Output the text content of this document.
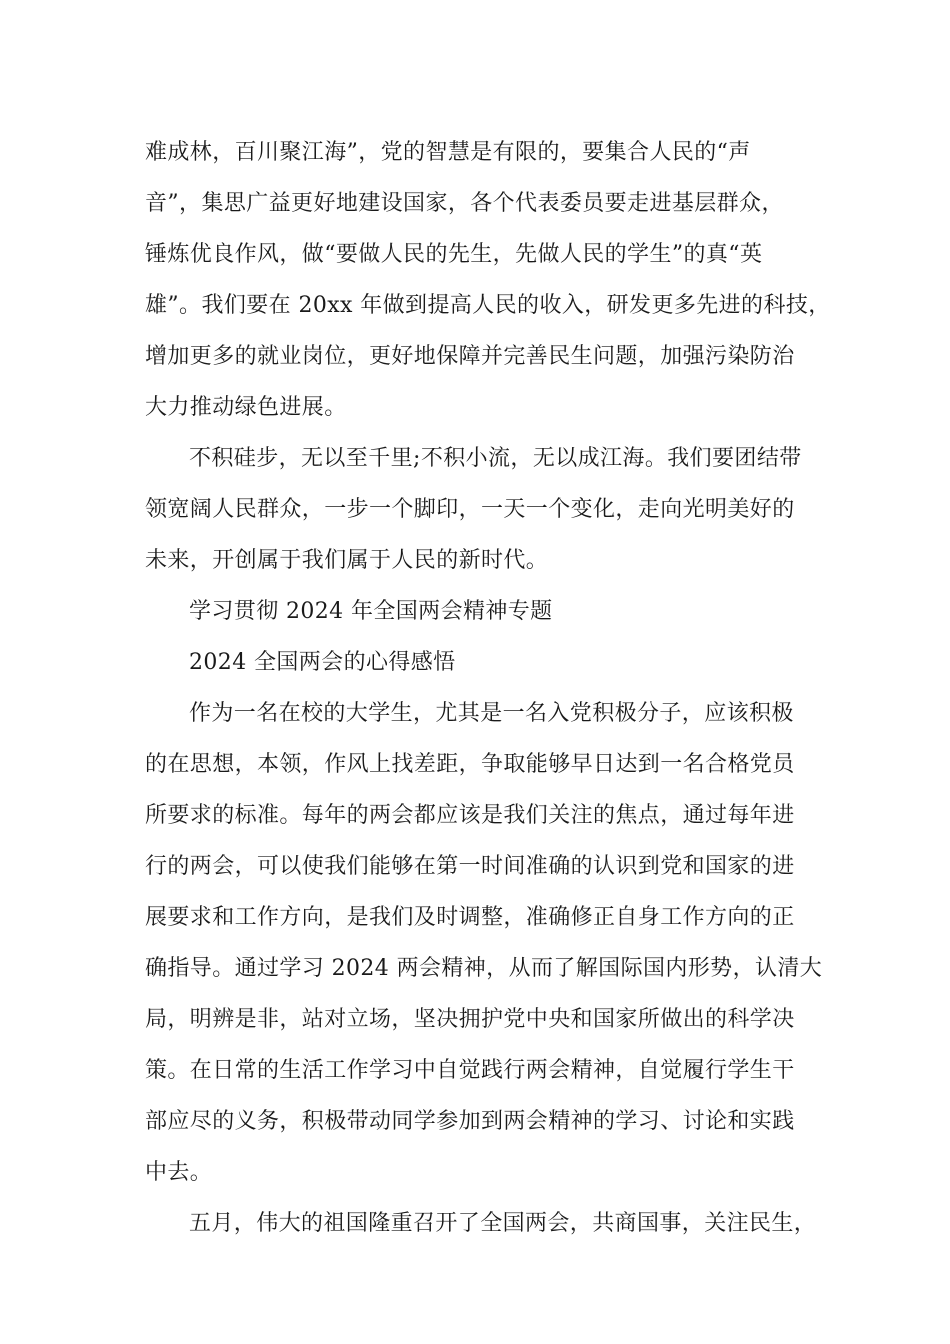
难成林，百川聚江海”，党的智慧是有限的，要集合人民的“声
音”，集思广益更好地建设国家，各个代表委员要走进基层群众，
锤炼优良作风，做“要做人民的先生，先做人民的学生”的真“英
雄”。我们要在 20xx 年做到提高人民的收入，研发更多先进的科技，
增加更多的就业岗位，更好地保障并完善民生问题，加强污染防治
大力推动绿色进展。
不积硅步，无以至千里;不积小流，无以成江海。我们要团结带
领宽阔人民群众，一步一个脚印，一天一个变化，走向光明美好的
未来，开创属于我们属于人民的新时代。
学习贯彻 2024 年全国两会精神专题
2024 全国两会的心得感悟
作为一名在校的大学生，尤其是一名入党积极分子，应该积极
的在思想，本领，作风上找差距，争取能够早日达到一名合格党员
所要求的标准。每年的两会都应该是我们关注的焦点，通过每年进
行的两会，可以使我们能够在第一时间准确的认识到党和国家的进
展要求和工作方向，是我们及时调整，准确修正自身工作方向的正
确指导。通过学习 2024 两会精神，从而了解国际国内形势，认清大
局，明辨是非，站对立场，坚决拥护党中央和国家所做出的科学决
策。在日常的生活工作学习中自觉践行两会精神，自觉履行学生干
部应尽的义务，积极带动同学参加到两会精神的学习、讨论和实践
中去。
五月，伟大的祖国隆重召开了全国两会，共商国事，关注民生，
